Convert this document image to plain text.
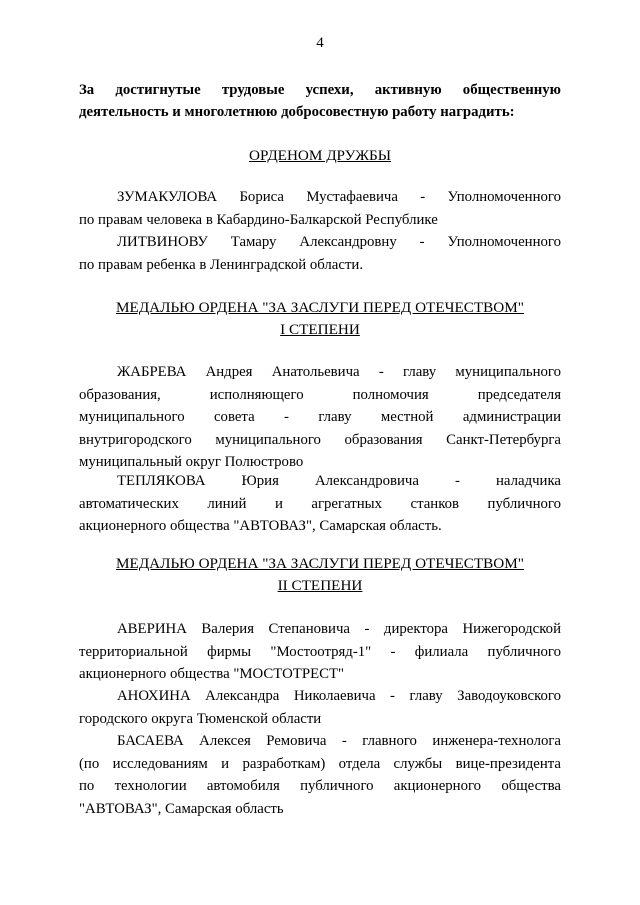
4
За достигнутые трудовые успехи, активную общественную
деятельность и многолетнюю добросовестную работу наградить:
ОРДЕНОМ ДРУЖБЫ
ЗУМАКУЛОВА Бориса Мустафаевича - Уполномоченного
по правам человека в Кабардино-Балкарской Республике
ЛИТВИНОВУ Тамару Александровну - Уполномоченного
по правам ребенка в Ленинградской области.
МЕДАЛЬЮ ОРДЕНА "ЗА ЗАСЛУГИ ПЕРЕД ОТЕЧЕСТВОМ"
I СТЕПЕНИ
ЖАБРЕВА Андрея Анатольевича - главу муниципального
образования, исполняющего полномочия председателя
муниципального совета - главу местной администрации
внутригородского муниципального образования Санкт-Петербурга
муниципальный округ Полюстрово
ТЕПЛЯКОВА Юрия Александровича - наладчика
автоматических линий и агрегатных станков публичного
акционерного общества "АВТОВАЗ", Самарская область.
МЕДАЛЬЮ ОРДЕНА "ЗА ЗАСЛУГИ ПЕРЕД ОТЕЧЕСТВОМ"
II СТЕПЕНИ
АВЕРИНА Валерия Степановича - директора Нижегородской
территориальной фирмы "Мостоотряд-1" - филиала публичного
акционерного общества "МОСТОТРЕСТ"
АНОХИНА Александра Николаевича - главу Заводоуковского
городского округа Тюменской области
БАСАЕВА Алексея Ремовича - главного инженера-технолога
(по исследованиям и разработкам) отдела службы вице-президента
по технологии автомобиля публичного акционерного общества
"АВТОВАЗ", Самарская область
